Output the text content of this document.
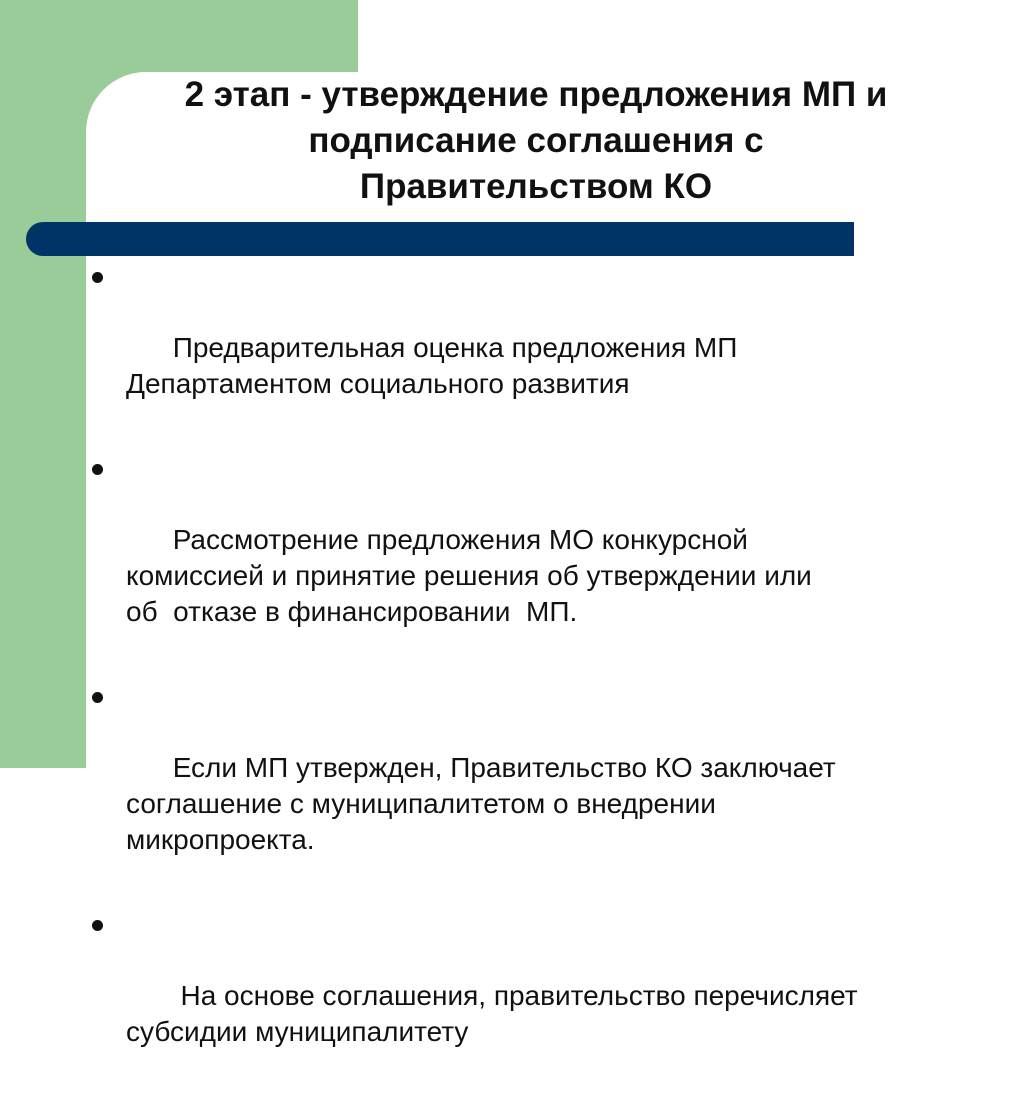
2 этап - утверждение предложения МП и
подписание соглашения с
Правительством КО

Предварительная оценка предложения МП
Департаментом социального развития

Рассмотрение предложения МО конкурсной
комиссией и принятие решения об утверждении или
об  отказе в финансировании  МП.

Если МП утвержден, Правительство КО заключает
соглашение с муниципалитетом о внедрении
микропроекта.

На основе соглашения, правительство перечисляет
субсидии муниципалитету
